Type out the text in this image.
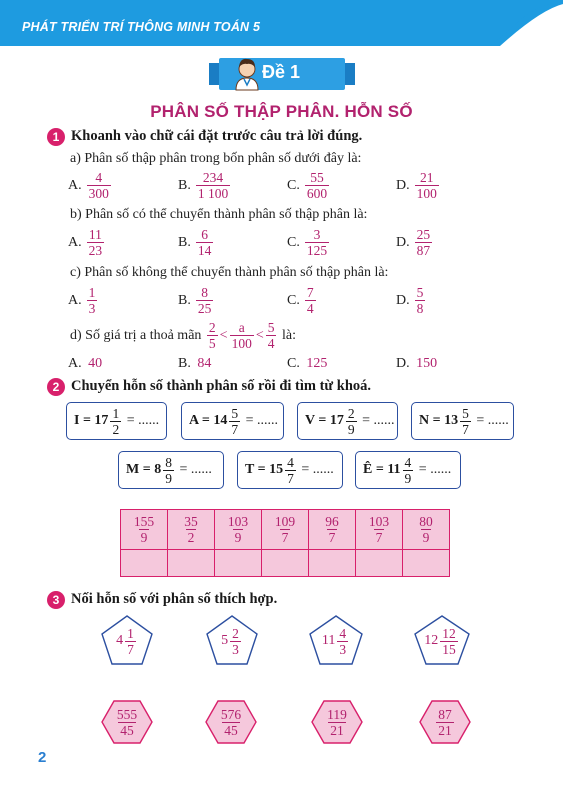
PHÁT TRIỂN TRÍ THÔNG MINH TOÁN 5
Đề 1
PHÂN SỐ THẬP PHÂN. HỖN SỐ
1 Khoanh vào chữ cái đặt trước câu trả lời đúng.
a) Phân số thập phân trong bốn phân số dưới đây là:
A. $\frac{4}{300}$	B. $\frac{234}{1 100}$	C. $\frac{55}{600}$	D. $\frac{21}{100}$
b) Phân số có thể chuyển thành phân số thập phân là:
A. $\frac{11}{23}$	B. $\frac{6}{14}$	C. $\frac{3}{125}$	D. $\frac{25}{87}$
c) Phân số không thể chuyển thành phân số thập phân là:
A. $\frac{1}{3}$	B. $\frac{8}{25}$	C. $\frac{7}{4}$	D. $\frac{5}{8}$
d) Số giá trị a thoả mãn
$\frac{2}{5} < \frac{a}{100} < \frac{5}{4}$
là:
A.
40	B.
84	C.
125	D.
150
2 Chuyển hỗn số thành phân số rồi đi tìm từ khoá.
$I = 17 \frac{1}{2}$
= ...... $A = 14 \frac{5}{7}$
= ...... $V = 17 \frac{2}{9}$
= ...... $N = 13 \frac{5}{7}$
= ......
$M = 8 \frac{8}{9}$
= ...... $T = 15 \frac{4}{7}$
= ...... Ê = $11 \frac{4}{9}$
= ......
$\frac{155}{9}$	$\frac{35}{2}$	$\frac{103}{9}$	$\frac{109}{7}$	$\frac{96}{7}$	$\frac{103}{7}$	$\frac{80}{9}$

3 Nối hỗn số với phân số thích hợp.
$4 \frac{1}{7}$	$5 \frac{2}{3}$	$11 \frac{4}{3}$	$12 \frac{12}{15}$
$\frac{555}{45}$	$\frac{576}{45}$	$\frac{119}{21}$	$\frac{87}{21}$
2
